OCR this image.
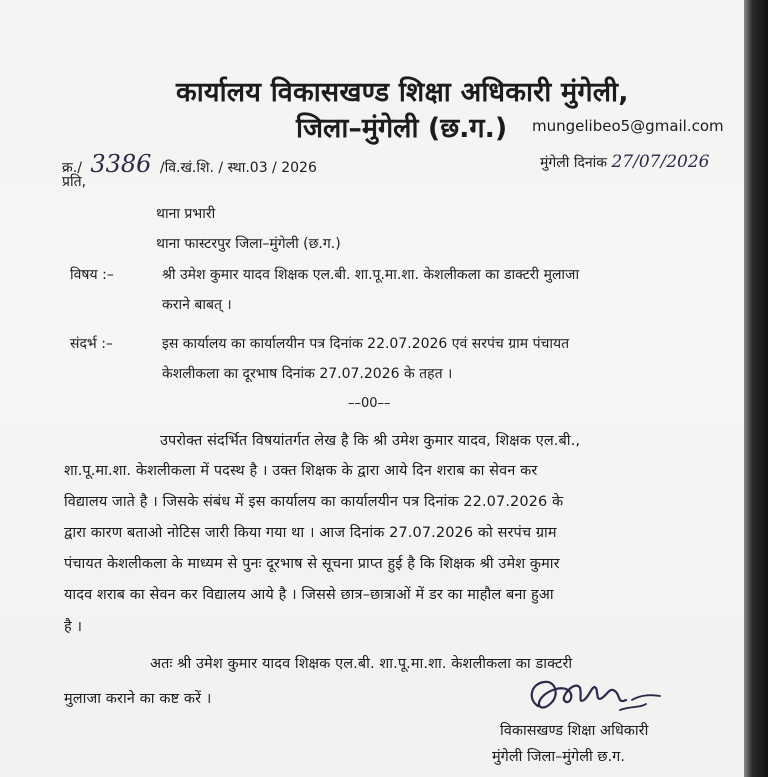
कार्यालय विकासखण्ड शिक्षा अधिकारी मुंगेली,
जिला–मुंगेली (छ.ग.) mungelibeo5@gmail.com
क्र./ 3386 /वि.खं.शि. / स्था.03 / 2026	मुंगेली दिनांक 27/07/2026
प्रति,
थाना प्रभारी
थाना फास्टरपुर जिला–मुंगेली (छ.ग.)
विषय :–	श्री उमेश कुमार यादव शिक्षक एल.बी. शा.पू.मा.शा. केशलीकला का डाक्टरी मुलाजा
कराने बाबत् ।
संदर्भ :–	इस कार्यालय का कार्यालयीन पत्र दिनांक 22.07.2026 एवं सरपंच ग्राम पंचायत
केशलीकला का दूरभाष दिनांक 27.07.2026 के तहत ।
––00––
उपरोक्त संदर्भित विषयांतर्गत लेख है कि श्री उमेश कुमार यादव, शिक्षक एल.बी.,
शा.पू.मा.शा. केशलीकला में पदस्थ है । उक्त शिक्षक के द्वारा आये दिन शराब का सेवन कर
विद्यालय जाते है । जिसके संबंध में इस कार्यालय का कार्यालयीन पत्र दिनांक 22.07.2026 के
द्वारा कारण बताओ नोटिस जारी किया गया था । आज दिनांक 27.07.2026 को सरपंच ग्राम
पंचायत केशलीकला के माध्यम से पुनः दूरभाष से सूचना प्राप्त हुई है कि शिक्षक श्री उमेश कुमार
यादव शराब का सेवन कर विद्यालय आये है । जिससे छात्र–छात्राओं में डर का माहौल बना हुआ
है ।
अतः श्री उमेश कुमार यादव शिक्षक एल.बी. शा.पू.मा.शा. केशलीकला का डाक्टरी
मुलाजा कराने का कष्ट करें ।
विकासखण्ड शिक्षा अधिकारी
मुंगेली जिला–मुंगेली छ.ग.
